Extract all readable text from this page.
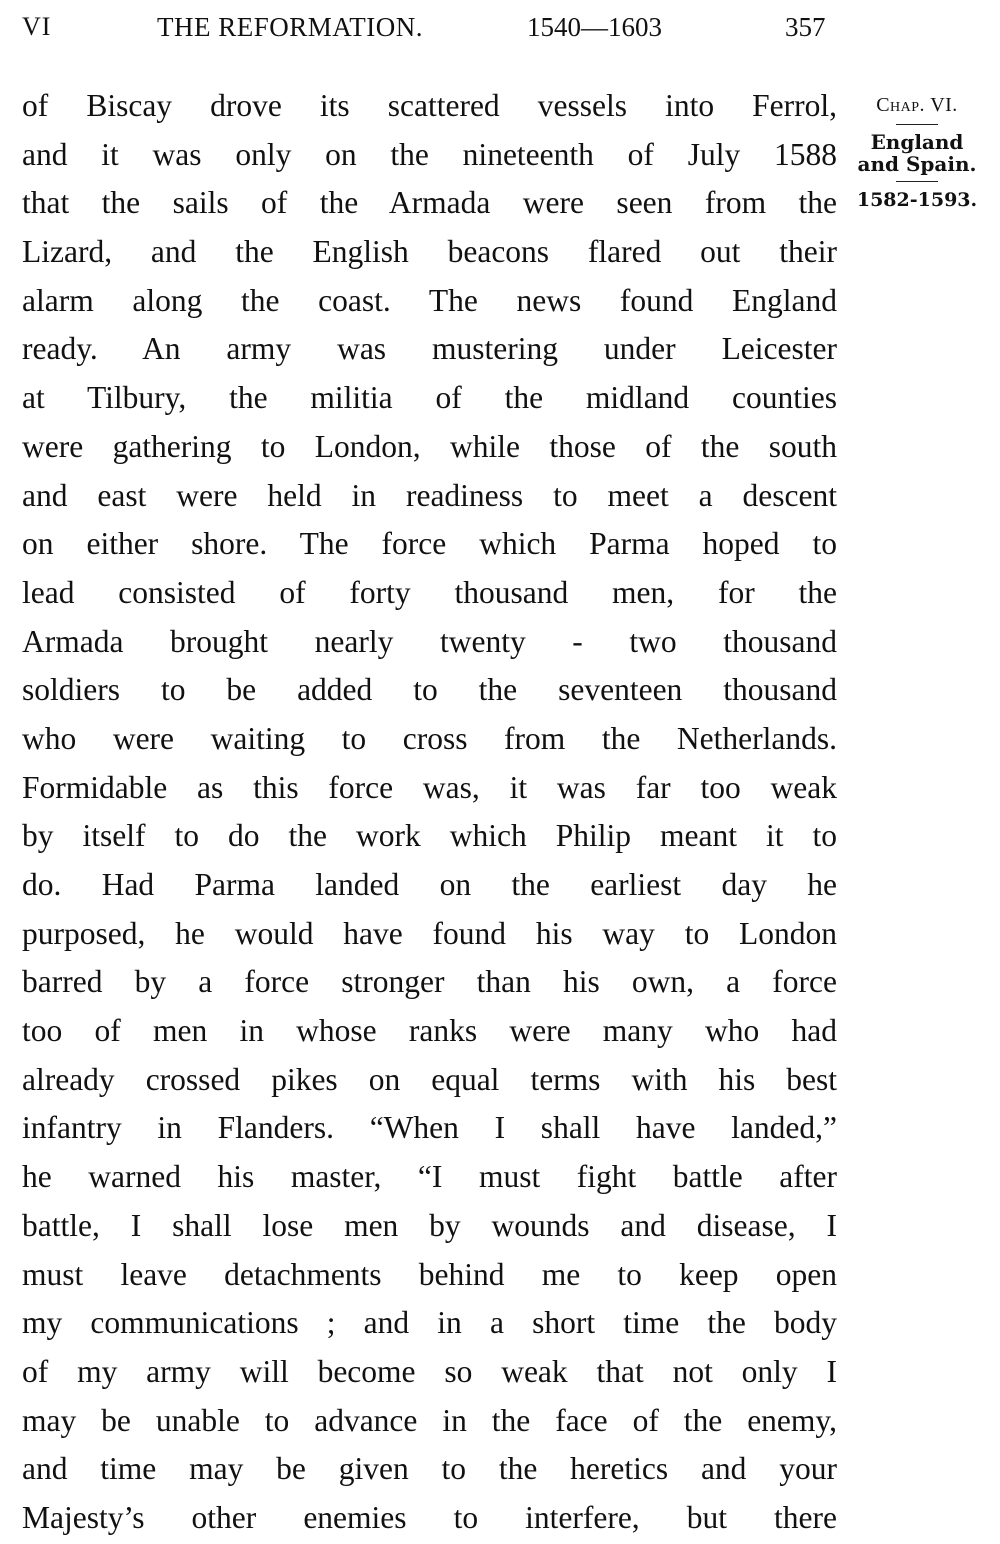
VI	THE REFORMATION.	1540—1603	357
of Biscay drove its scattered vessels into Ferrol,
and it was only on the nineteenth of July 1588
that the sails of the Armada were seen from the
Lizard, and the English beacons flared out their
alarm along the coast. The news found England
ready. An army was mustering under Leicester
at Tilbury, the militia of the midland counties
were gathering to London, while those of the south
and east were held in readiness to meet a descent
on either shore. The force which Parma hoped to
lead consisted of forty thousand men, for the
Armada brought nearly twenty - two thousand
soldiers to be added to the seventeen thousand
who were waiting to cross from the Netherlands.
Formidable as this force was, it was far too weak
by itself to do the work which Philip meant it to
do. Had Parma landed on the earliest day he
purposed, he would have found his way to London
barred by a force stronger than his own, a force
too of men in whose ranks were many who had
already crossed pikes on equal terms with his best
infantry in Flanders. “When I shall have landed,”
he warned his master, “I must fight battle after
battle, I shall lose men by wounds and disease, I
must leave detachments behind me to keep open
my communications ; and in a short time the body
of my army will become so weak that not only I
may be unable to advance in the face of the enemy,
and time may be given to the heretics and your
Majesty’s other enemies to interfere, but there
Chap. VI.
England
and Spain.
1582-1593.
